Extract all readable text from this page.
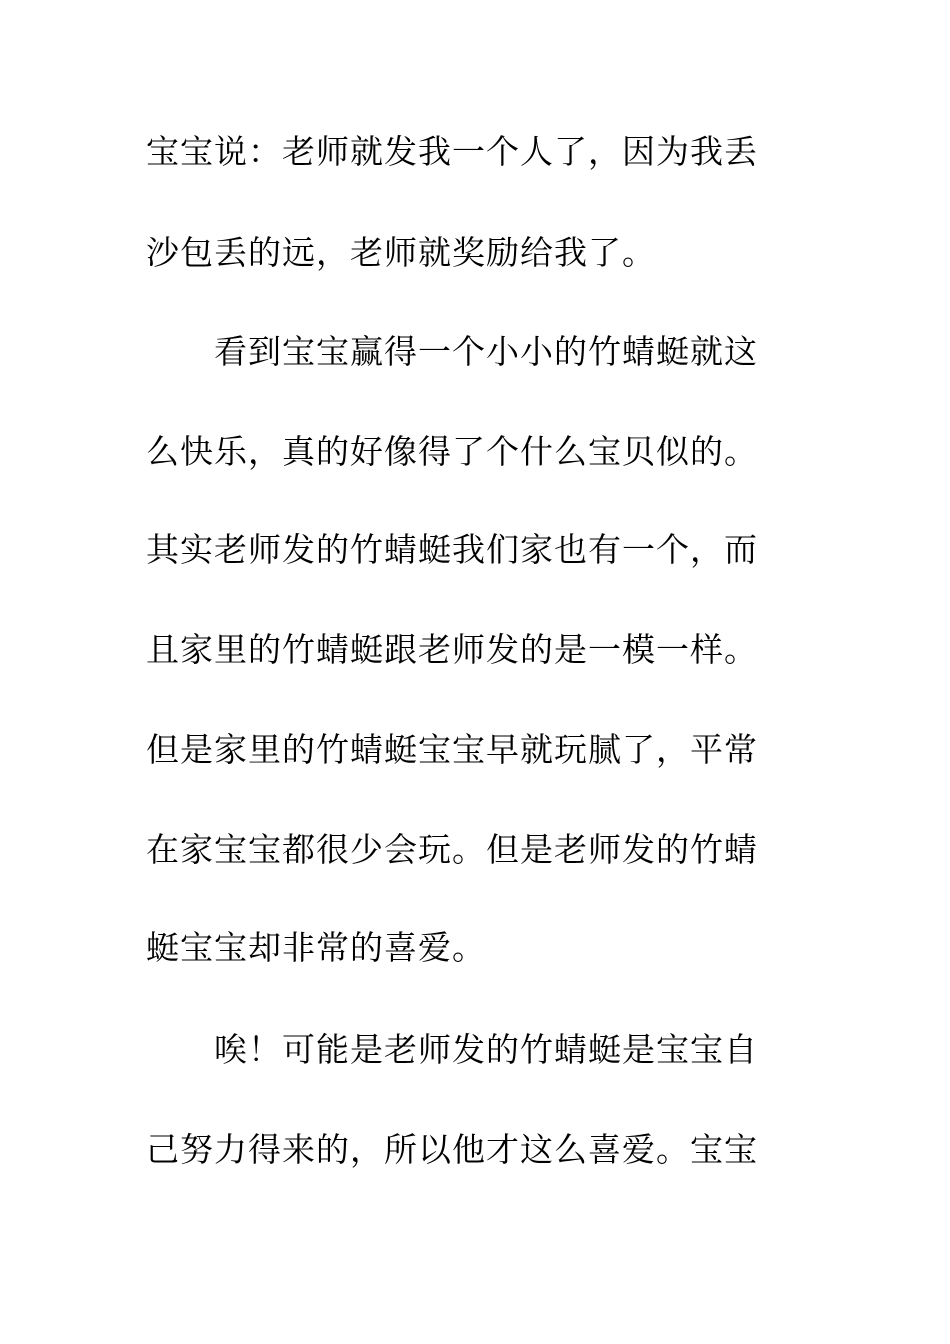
宝宝说：老师就发我一个人了，因为我丢
沙包丢的远，老师就奖励给我了。
看到宝宝赢得一个小小的竹蜻蜓就这
么快乐，真的好像得了个什么宝贝似的。
其实老师发的竹蜻蜓我们家也有一个，而
且家里的竹蜻蜓跟老师发的是一模一样。
但是家里的竹蜻蜓宝宝早就玩腻了，平常
在家宝宝都很少会玩。但是老师发的竹蜻
蜓宝宝却非常的喜爱。
唉！可能是老师发的竹蜻蜓是宝宝自
己努力得来的，所以他才这么喜爱。宝宝
